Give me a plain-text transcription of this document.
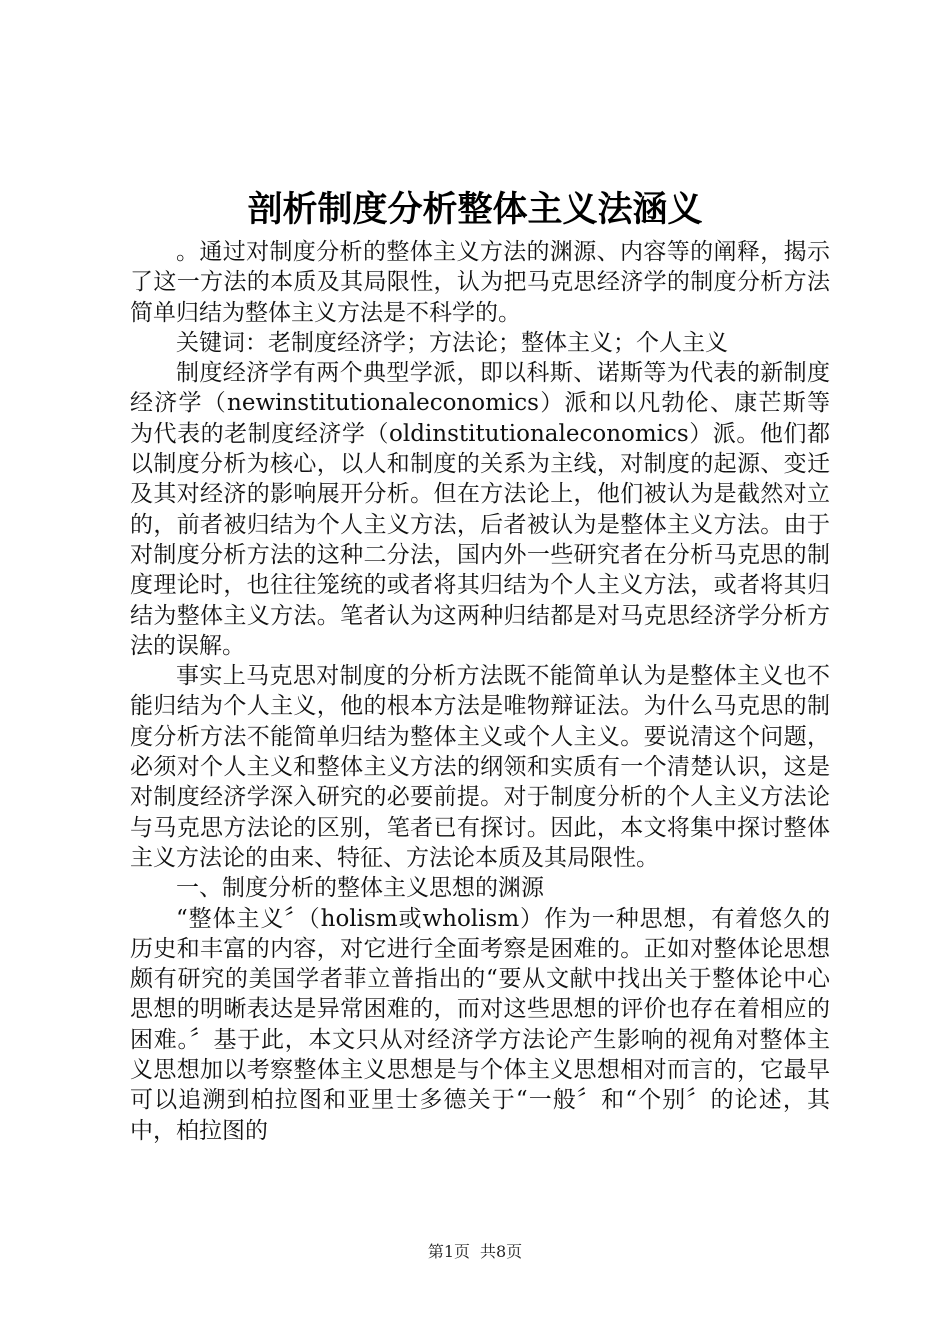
剖析制度分析整体主义法涵义

。通过对制度分析的整体主义方法的渊源、内容等的阐释，揭示了这一方法的本质及其局限性，认为把马克思经济学的制度分析方法简单归结为整体主义方法是不科学的。

关键词：老制度经济学；方法论；整体主义；个人主义

制度经济学有两个典型学派，即以科斯、诺斯等为代表的新制度经济学（newinstitutionaleconomics）派和以凡勃伦、康芒斯等为代表的老制度经济学（oldinstitutionaleconomics）派。他们都以制度分析为核心，以人和制度的关系为主线，对制度的起源、变迁及其对经济的影响展开分析。但在方法论上，他们被认为是截然对立的，前者被归结为个人主义方法，后者被认为是整体主义方法。由于对制度分析方法的这种二分法，国内外一些研究者在分析马克思的制度理论时，也往往笼统的或者将其归结为个人主义方法，或者将其归结为整体主义方法。笔者认为这两种归结都是对马克思经济学分析方法的误解。

事实上马克思对制度的分析方法既不能简单认为是整体主义也不能归结为个人主义，他的根本方法是唯物辩证法。为什么马克思的制度分析方法不能简单归结为整体主义或个人主义。要说清这个问题，必须对个人主义和整体主义方法的纲领和实质有一个清楚认识，这是对制度经济学深入研究的必要前提。对于制度分析的个人主义方法论与马克思方法论的区别，笔者已有探讨。因此，本文将集中探讨整体主义方法论的由来、特征、方法论本质及其局限性。

一、制度分析的整体主义思想的渊源

“整体主义〞（holism或wholism）作为一种思想，有着悠久的历史和丰富的内容，对它进行全面考察是困难的。正如对整体论思想颇有研究的美国学者菲立普指出的“要从文献中找出关于整体论中心思想的明晰表达是异常困难的，而对这些思想的评价也存在着相应的困难。〞基于此，本文只从对经济学方法论产生影响的视角对整体主义思想加以考察整体主义思想是与个体主义思想相对而言的，它最早可以追溯到柏拉图和亚里士多德关于“一般〞和“个别〞的论述，其中，柏拉图的

第1页 共8页
